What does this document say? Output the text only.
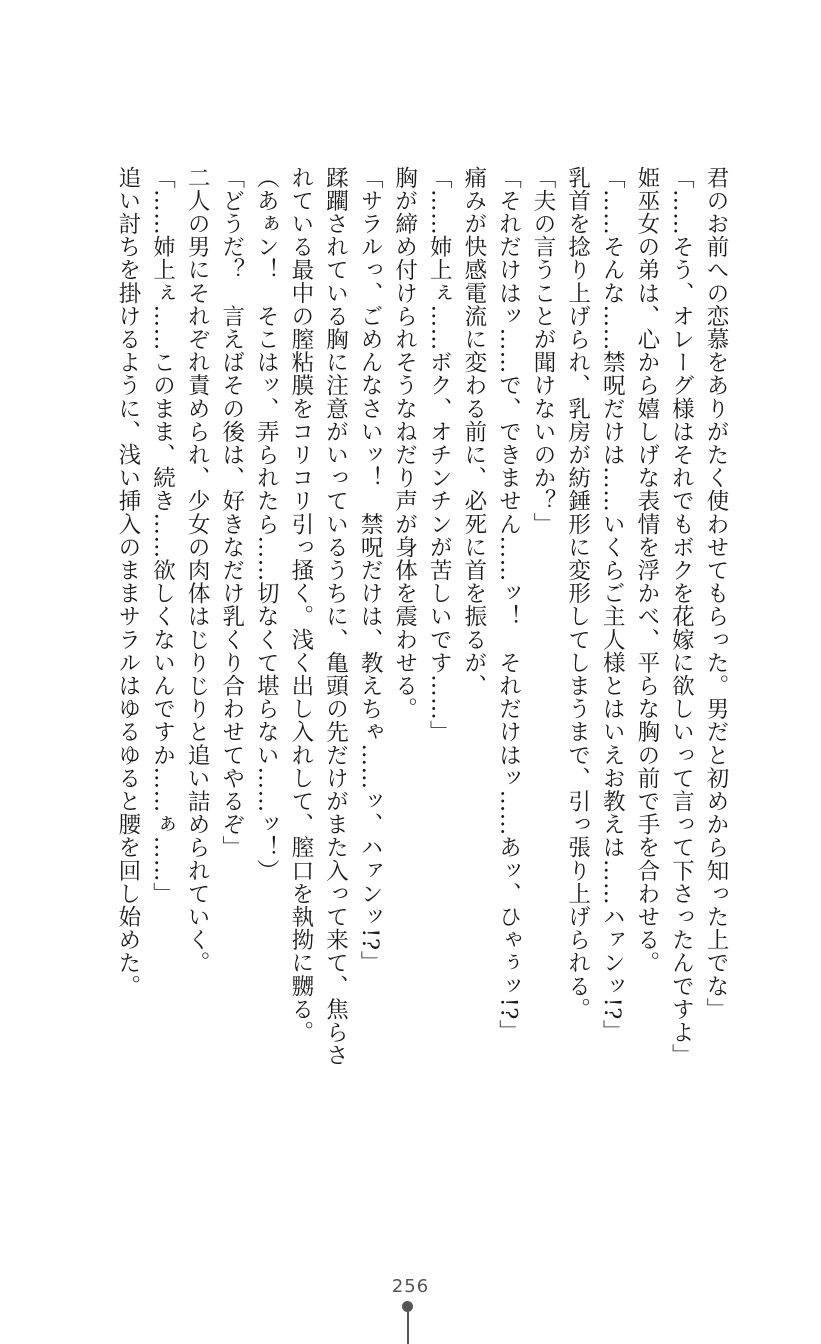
君のお前への恋慕をありがたく使わせてもらった。男だと初めから知った上でな」
「……そう、オレーグ様はそれでもボクを花嫁に欲しいって言って下さったんですよ」
姫巫女の弟は、心から嬉しげな表情を浮かべ、平らな胸の前で手を合わせる。
「……そんな……禁呪だけは……いくらご主人様とはいえお教えは……ハァンッ!?」
乳首を捻り上げられ、乳房が紡錘形に変形してしまうまで、引っ張り上げられる。
「夫の言うことが聞けないのか？」
「それだけはッ……で、できません……ッ！　それだけはッ……あッ、ひゃぅッ!?」
痛みが快感電流に変わる前に、必死に首を振るが、
「……姉上ぇ……ボク、オチンチンが苦しいです……」
胸が締め付けられそうなねだり声が身体を震わせる。
「サラルっ、ごめんなさいッ！　禁呪だけは、教えちゃ……ッ、ハァンッ!?」
蹂躙されている胸に注意がいっているうちに、亀頭の先だけがまた入って来て、焦らさ
れている最中の膣粘膜をコリコリ引っ掻く。浅く出し入れして、膣口を執拗に嬲る。
（あぁン！　そこはッ、弄られたら……切なくて堪らない……ッ！）
「どうだ？　言えばその後は、好きなだけ乳くり合わせてやるぞ」
二人の男にそれぞれ責められ、少女の肉体はじりじりと追い詰められていく。
「……姉上ぇ……このまま、続き……欲しくないんですか……ぁ……」
追い討ちを掛けるように、浅い挿入のままサラルはゆるゆると腰を回し始めた。
256
